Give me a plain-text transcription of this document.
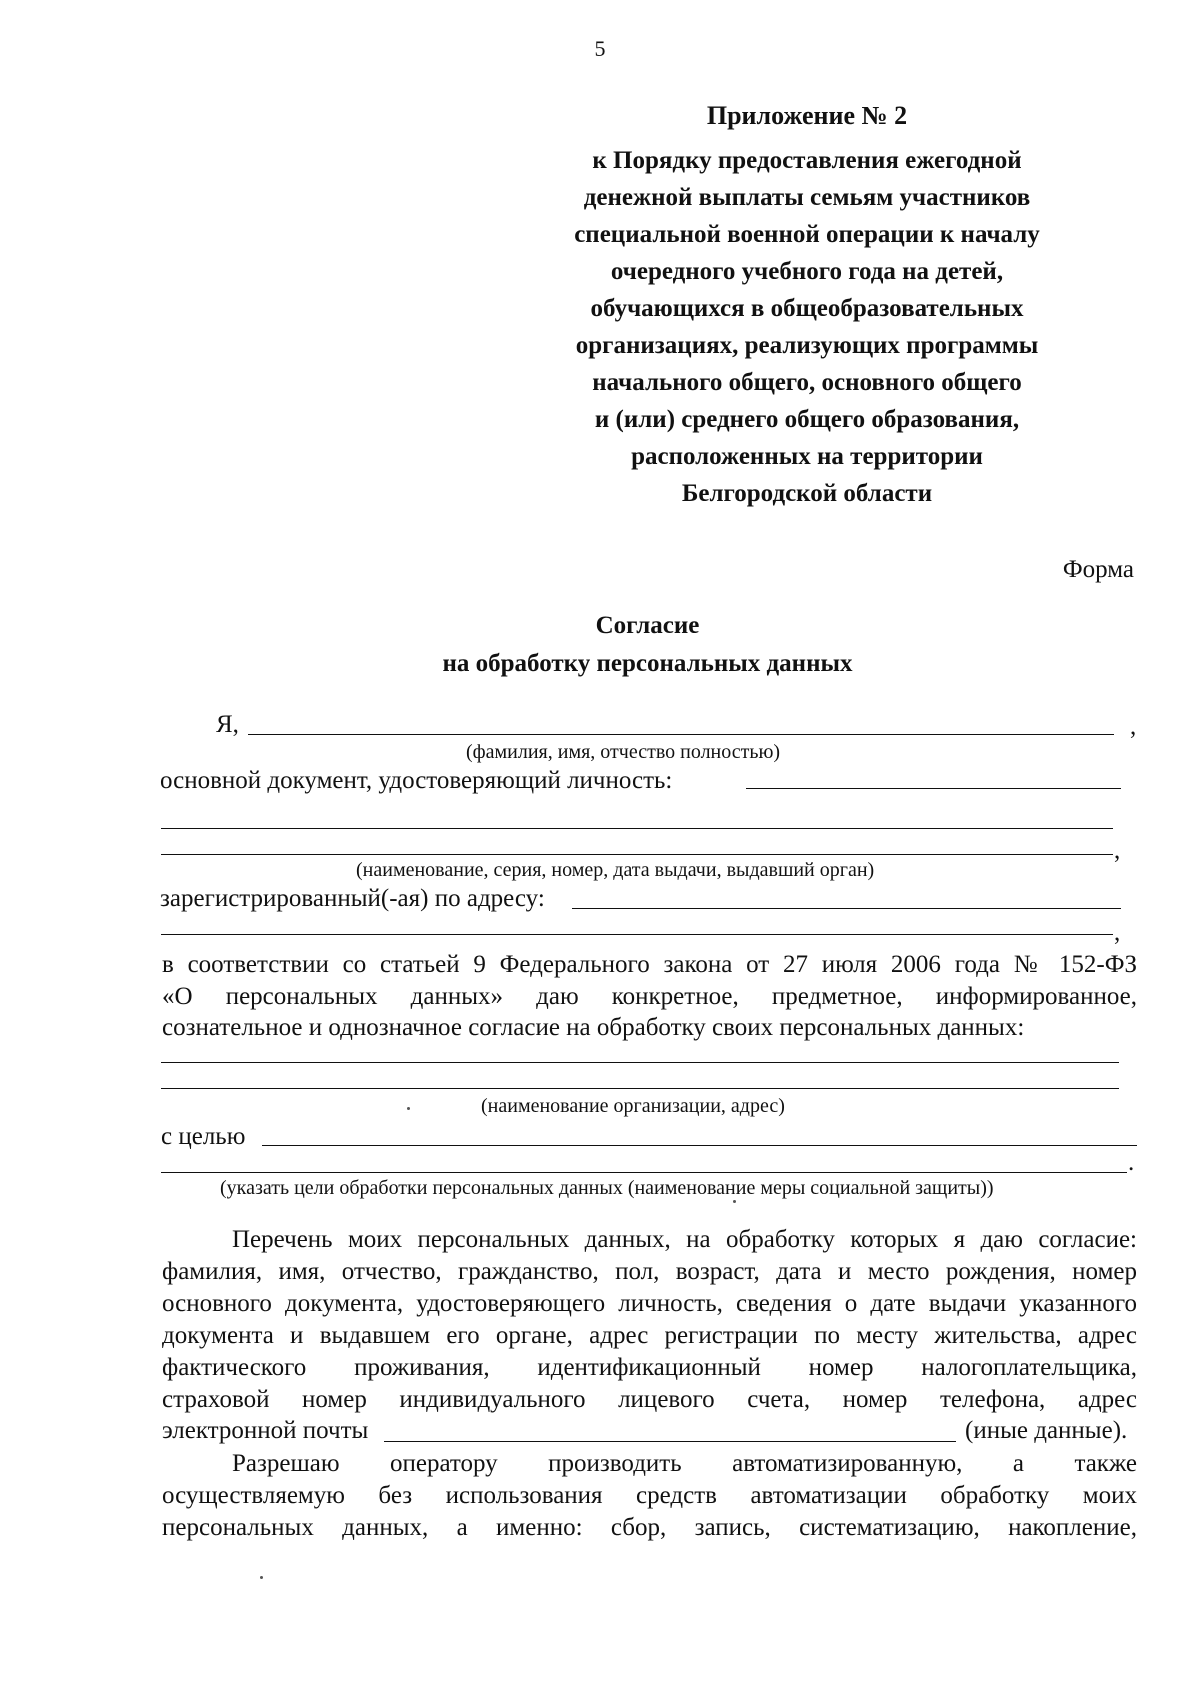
5
Приложение № 2
к Порядку предоставления ежегодной
денежной выплаты семьям участников
специальной военной операции к началу
очередного учебного года на детей,
обучающихся в общеобразовательных
организациях, реализующих программы
начального общего, основного общего
и (или) среднего общего образования,
расположенных на территории
Белгородской области
Форма
Согласие
на обработку персональных данных
Я,	,
(фамилия, имя, отчество полностью)
основной документ, удостоверяющий личность:
,
(наименование, серия, номер, дата выдачи, выдавший орган)
зарегистрированный(-ая) по адресу:
,
в соответствии со статьей 9 Федерального закона от 27 июля 2006 года № 152-ФЗ
«О персональных данных» даю конкретное, предметное, информированное,
сознательное и однозначное согласие на обработку своих персональных данных:
(наименование организации, адрес)
с целью
.
(указать цели обработки персональных данных (наименование меры социальной защиты))
Перечень моих персональных данных, на обработку которых я даю согласие:
фамилия, имя, отчество, гражданство, пол, возраст, дата и место рождения, номер
основного документа, удостоверяющего личность, сведения о дате выдачи указанного
документа и выдавшем его органе, адрес регистрации по месту жительства, адрес
фактического проживания, идентификационный номер налогоплательщика,
страховой номер индивидуального лицевого счета, номер телефона, адрес
электронной почты	(иные данные).
Разрешаю оператору производить автоматизированную, а также
осуществляемую без использования средств автоматизации обработку моих
персональных данных, а именно: сбор, запись, систематизацию, накопление,
